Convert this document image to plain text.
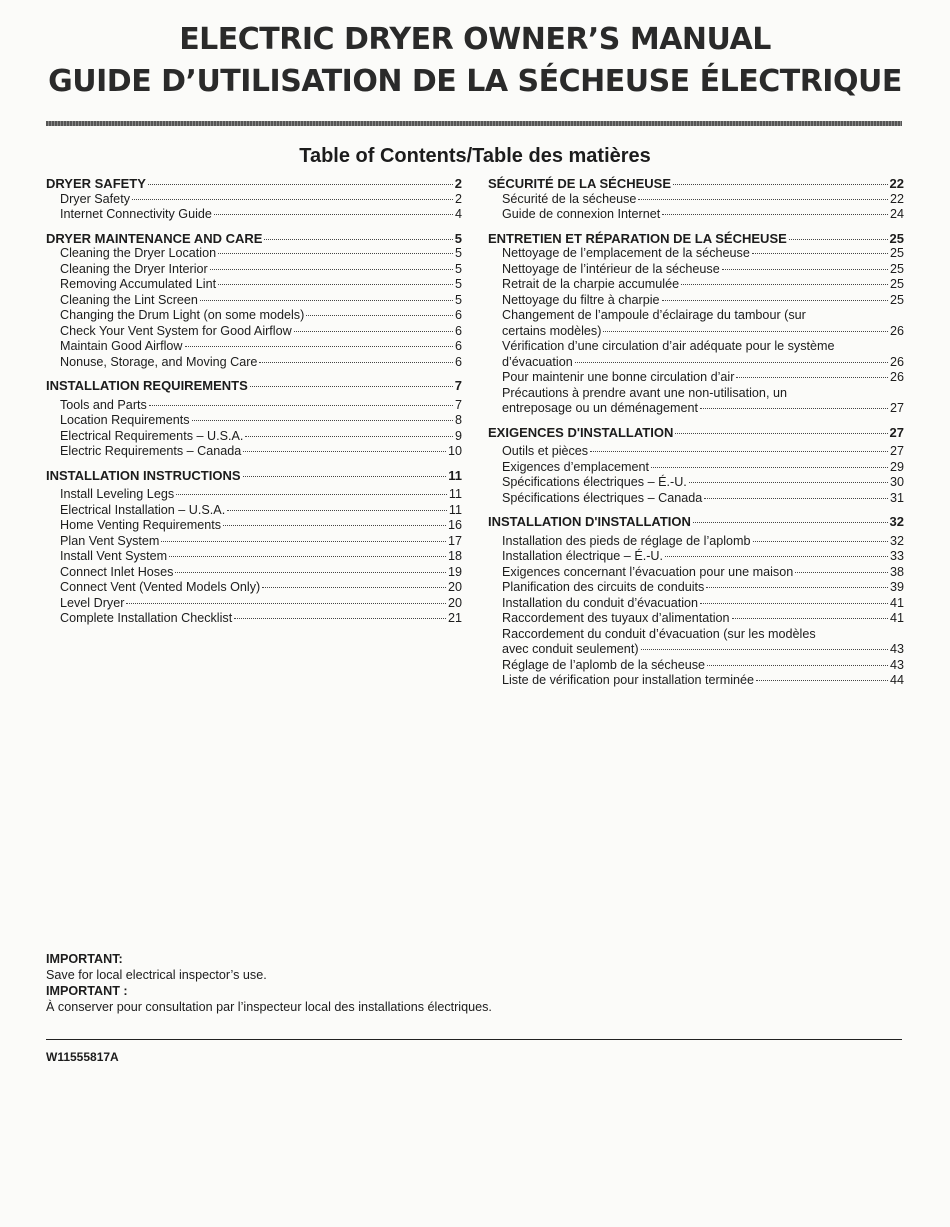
ELECTRIC DRYER OWNER’S MANUAL
GUIDE D’UTILISATION DE LA SÉCHEUSE ÉLECTRIQUE
Table of Contents/Table des matières
DRYER SAFETY	2
Dryer Safety	2
Internet Connectivity Guide	4
DRYER MAINTENANCE AND CARE	5
Cleaning the Dryer Location	5
Cleaning the Dryer Interior	5
Removing Accumulated Lint	5
Cleaning the Lint Screen	5
Changing the Drum Light (on some models)	6
Check Your Vent System for Good Airflow	6
Maintain Good Airflow	6
Nonuse, Storage, and Moving Care	6
INSTALLATION REQUIREMENTS	7
Tools and Parts	7
Location Requirements	8
Electrical Requirements – U.S.A.	9
Electric Requirements – Canada	10
INSTALLATION INSTRUCTIONS	11
Install Leveling Legs	11
Electrical Installation – U.S.A.	11
Home Venting Requirements	16
Plan Vent System	17
Install Vent System	18
Connect Inlet Hoses	19
Connect Vent (Vented Models Only)	20
Level Dryer	20
Complete Installation Checklist	21
SÉCURITÉ DE LA SÉCHEUSE	22
Sécurité de la sécheuse	22
Guide de connexion Internet	24
ENTRETIEN ET RÉPARATION DE LA SÉCHEUSE	25
Nettoyage de l’emplacement de la sécheuse	25
Nettoyage de l’intérieur de la sécheuse	25
Retrait de la charpie accumulée	25
Nettoyage du filtre à charpie	25
Changement de l’ampoule d’éclairage du tambour (sur
certains modèles)	26
Vérification d’une circulation d’air adéquate pour le système
d’évacuation	26
Pour maintenir une bonne circulation d’air	26
Précautions à prendre avant une non-utilisation, un
entreposage ou un déménagement	27
EXIGENCES D'INSTALLATION	27
Outils et pièces	27
Exigences d’emplacement	29
Spécifications électriques – É.-U.	30
Spécifications électriques – Canada	31
INSTALLATION D'INSTALLATION	32
Installation des pieds de réglage de l’aplomb	32
Installation électrique – É.-U.	33
Exigences concernant l’évacuation pour une maison	38
Planification des circuits de conduits	39
Installation du conduit d’évacuation	41
Raccordement des tuyaux d’alimentation	41
Raccordement du conduit d’évacuation (sur les modèles
avec conduit seulement)	43
Réglage de l’aplomb de la sécheuse	43
Liste de vérification pour installation terminée	44
IMPORTANT:
Save for local electrical inspector’s use.
IMPORTANT :
À conserver pour consultation par l’inspecteur local des installations électriques.
W11555817A
